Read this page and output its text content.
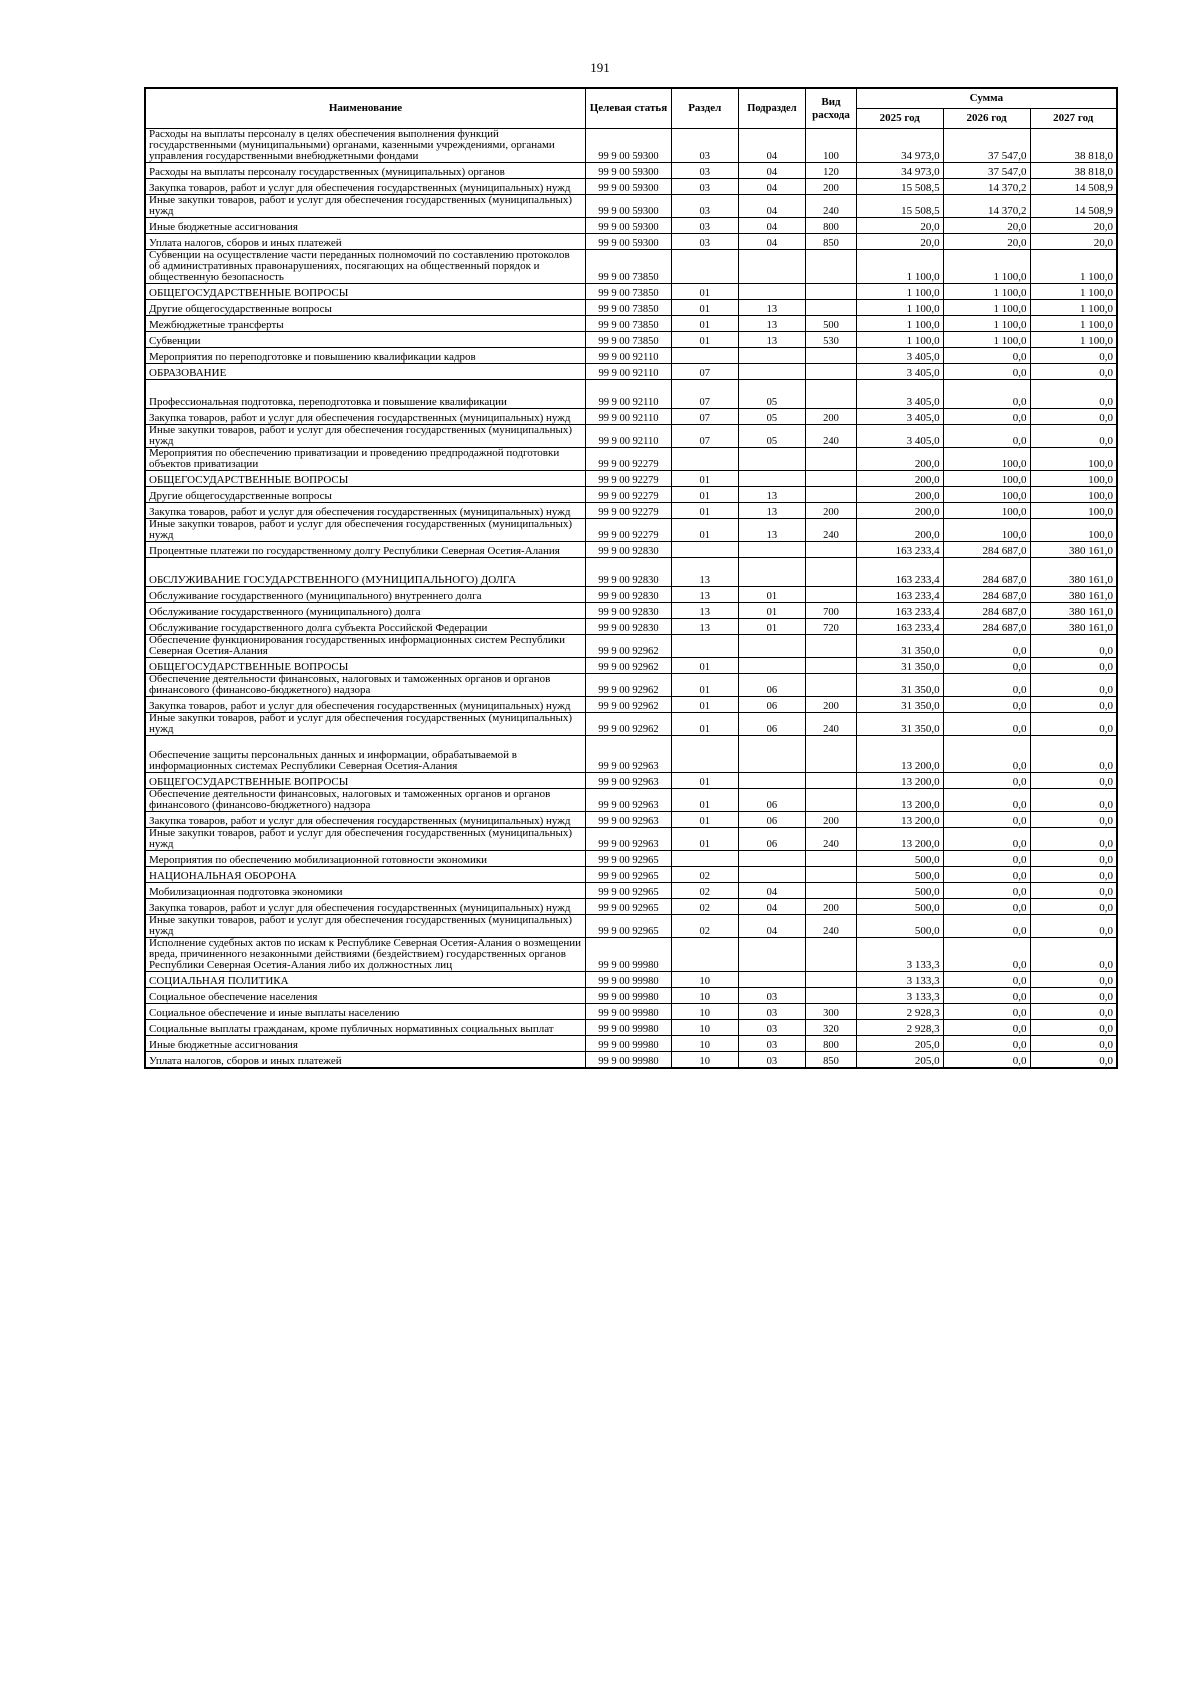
191
Наименование	Целевая статья	Раздел	Подраздел	Вид расхода	Сумма		
					2025 год	2026 год	2027 год
Расходы на выплаты персоналу в целях обеспечения выполнения функций государственными (муниципальными) органами, казенными учреждениями, органами управления государственными внебюджетными фондами	99 9 00 59300	03	04	100	34 973,0	37 547,0	38 818,0
Расходы на выплаты персоналу государственных (муниципальных) органов	99 9 00 59300	03	04	120	34 973,0	37 547,0	38 818,0
Закупка товаров, работ и услуг для обеспечения государственных (муниципальных) нужд	99 9 00 59300	03	04	200	15 508,5	14 370,2	14 508,9
Иные закупки товаров, работ и услуг для обеспечения государственных (муниципальных) нужд	99 9 00 59300	03	04	240	15 508,5	14 370,2	14 508,9
Иные бюджетные ассигнования	99 9 00 59300	03	04	800	20,0	20,0	20,0
Уплата налогов, сборов и иных платежей	99 9 00 59300	03	04	850	20,0	20,0	20,0
Субвенции на осуществление части переданных полномочий по составлению протоколов об административных правонарушениях, посягающих на общественный порядок и общественную безопасность	99 9 00 73850				1 100,0	1 100,0	1 100,0
ОБЩЕГОСУДАРСТВЕННЫЕ ВОПРОСЫ	99 9 00 73850	01			1 100,0	1 100,0	1 100,0
Другие общегосударственные вопросы	99 9 00 73850	01	13		1 100,0	1 100,0	1 100,0
Межбюджетные трансферты	99 9 00 73850	01	13	500	1 100,0	1 100,0	1 100,0
Субвенции	99 9 00 73850	01	13	530	1 100,0	1 100,0	1 100,0
Мероприятия по переподготовке и повышению квалификации кадров	99 9 00 92110				3 405,0	0,0	0,0
ОБРАЗОВАНИЕ	99 9 00 92110	07			3 405,0	0,0	0,0
Профессиональная подготовка, переподготовка и повышение квалификации	99 9 00 92110	07	05		3 405,0	0,0	0,0
Закупка товаров, работ и услуг для обеспечения государственных (муниципальных) нужд	99 9 00 92110	07	05	200	3 405,0	0,0	0,0
Иные закупки товаров, работ и услуг для обеспечения государственных (муниципальных) нужд	99 9 00 92110	07	05	240	3 405,0	0,0	0,0
Мероприятия по обеспечению приватизации и проведению предпродажной подготовки объектов приватизации	99 9 00 92279				200,0	100,0	100,0
ОБЩЕГОСУДАРСТВЕННЫЕ ВОПРОСЫ	99 9 00 92279	01			200,0	100,0	100,0
Другие общегосударственные вопросы	99 9 00 92279	01	13		200,0	100,0	100,0
Закупка товаров, работ и услуг для обеспечения государственных (муниципальных) нужд	99 9 00 92279	01	13	200	200,0	100,0	100,0
Иные закупки товаров, работ и услуг для обеспечения государственных (муниципальных) нужд	99 9 00 92279	01	13	240	200,0	100,0	100,0
Процентные платежи по государственному долгу Республики Северная Осетия-Алания	99 9 00 92830				163 233,4	284 687,0	380 161,0
ОБСЛУЖИВАНИЕ ГОСУДАРСТВЕННОГО (МУНИЦИПАЛЬНОГО) ДОЛГА	99 9 00 92830	13			163 233,4	284 687,0	380 161,0
Обслуживание государственного (муниципального) внутреннего долга	99 9 00 92830	13	01		163 233,4	284 687,0	380 161,0
Обслуживание государственного (муниципального) долга	99 9 00 92830	13	01	700	163 233,4	284 687,0	380 161,0
Обслуживание государственного долга субъекта Российской Федерации	99 9 00 92830	13	01	720	163 233,4	284 687,0	380 161,0
Обеспечение функционирования государственных информационных систем Республики Северная Осетия-Алания	99 9 00 92962				31 350,0	0,0	0,0
ОБЩЕГОСУДАРСТВЕННЫЕ ВОПРОСЫ	99 9 00 92962	01			31 350,0	0,0	0,0
Обеспечение деятельности финансовых, налоговых и таможенных органов и органов финансового (финансово-бюджетного) надзора	99 9 00 92962	01	06		31 350,0	0,0	0,0
Закупка товаров, работ и услуг для обеспечения государственных (муниципальных) нужд	99 9 00 92962	01	06	200	31 350,0	0,0	0,0
Иные закупки товаров, работ и услуг для обеспечения государственных (муниципальных) нужд	99 9 00 92962	01	06	240	31 350,0	0,0	0,0
Обеспечение защиты персональных данных и информации, обрабатываемой в информационных системах Республики Северная Осетия-Алания	99 9 00 92963				13 200,0	0,0	0,0
ОБЩЕГОСУДАРСТВЕННЫЕ ВОПРОСЫ	99 9 00 92963	01			13 200,0	0,0	0,0
Обеспечение деятельности финансовых, налоговых и таможенных органов и органов финансового (финансово-бюджетного) надзора	99 9 00 92963	01	06		13 200,0	0,0	0,0
Закупка товаров, работ и услуг для обеспечения государственных (муниципальных) нужд	99 9 00 92963	01	06	200	13 200,0	0,0	0,0
Иные закупки товаров, работ и услуг для обеспечения государственных (муниципальных) нужд	99 9 00 92963	01	06	240	13 200,0	0,0	0,0
Мероприятия по обеспечению мобилизационной готовности экономики	99 9 00 92965				500,0	0,0	0,0
НАЦИОНАЛЬНАЯ ОБОРОНА	99 9 00 92965	02			500,0	0,0	0,0
Мобилизационная подготовка экономики	99 9 00 92965	02	04		500,0	0,0	0,0
Закупка товаров, работ и услуг для обеспечения государственных (муниципальных) нужд	99 9 00 92965	02	04	200	500,0	0,0	0,0
Иные закупки товаров, работ и услуг для обеспечения государственных (муниципальных) нужд	99 9 00 92965	02	04	240	500,0	0,0	0,0
Исполнение судебных актов по искам к Республике Северная Осетия-Алания о возмещении вреда, причиненного незаконными действиями (бездействием) государственных органов Республики Северная Осетия-Алания либо их должностных лиц	99 9 00 99980				3 133,3	0,0	0,0
СОЦИАЛЬНАЯ ПОЛИТИКА	99 9 00 99980	10			3 133,3	0,0	0,0
Социальное обеспечение населения	99 9 00 99980	10	03		3 133,3	0,0	0,0
Социальное обеспечение и иные выплаты населению	99 9 00 99980	10	03	300	2 928,3	0,0	0,0
Социальные выплаты гражданам, кроме публичных нормативных социальных выплат	99 9 00 99980	10	03	320	2 928,3	0,0	0,0
Иные бюджетные ассигнования	99 9 00 99980	10	03	800	205,0	0,0	0,0
Уплата налогов, сборов и иных платежей	99 9 00 99980	10	03	850	205,0	0,0	0,0
